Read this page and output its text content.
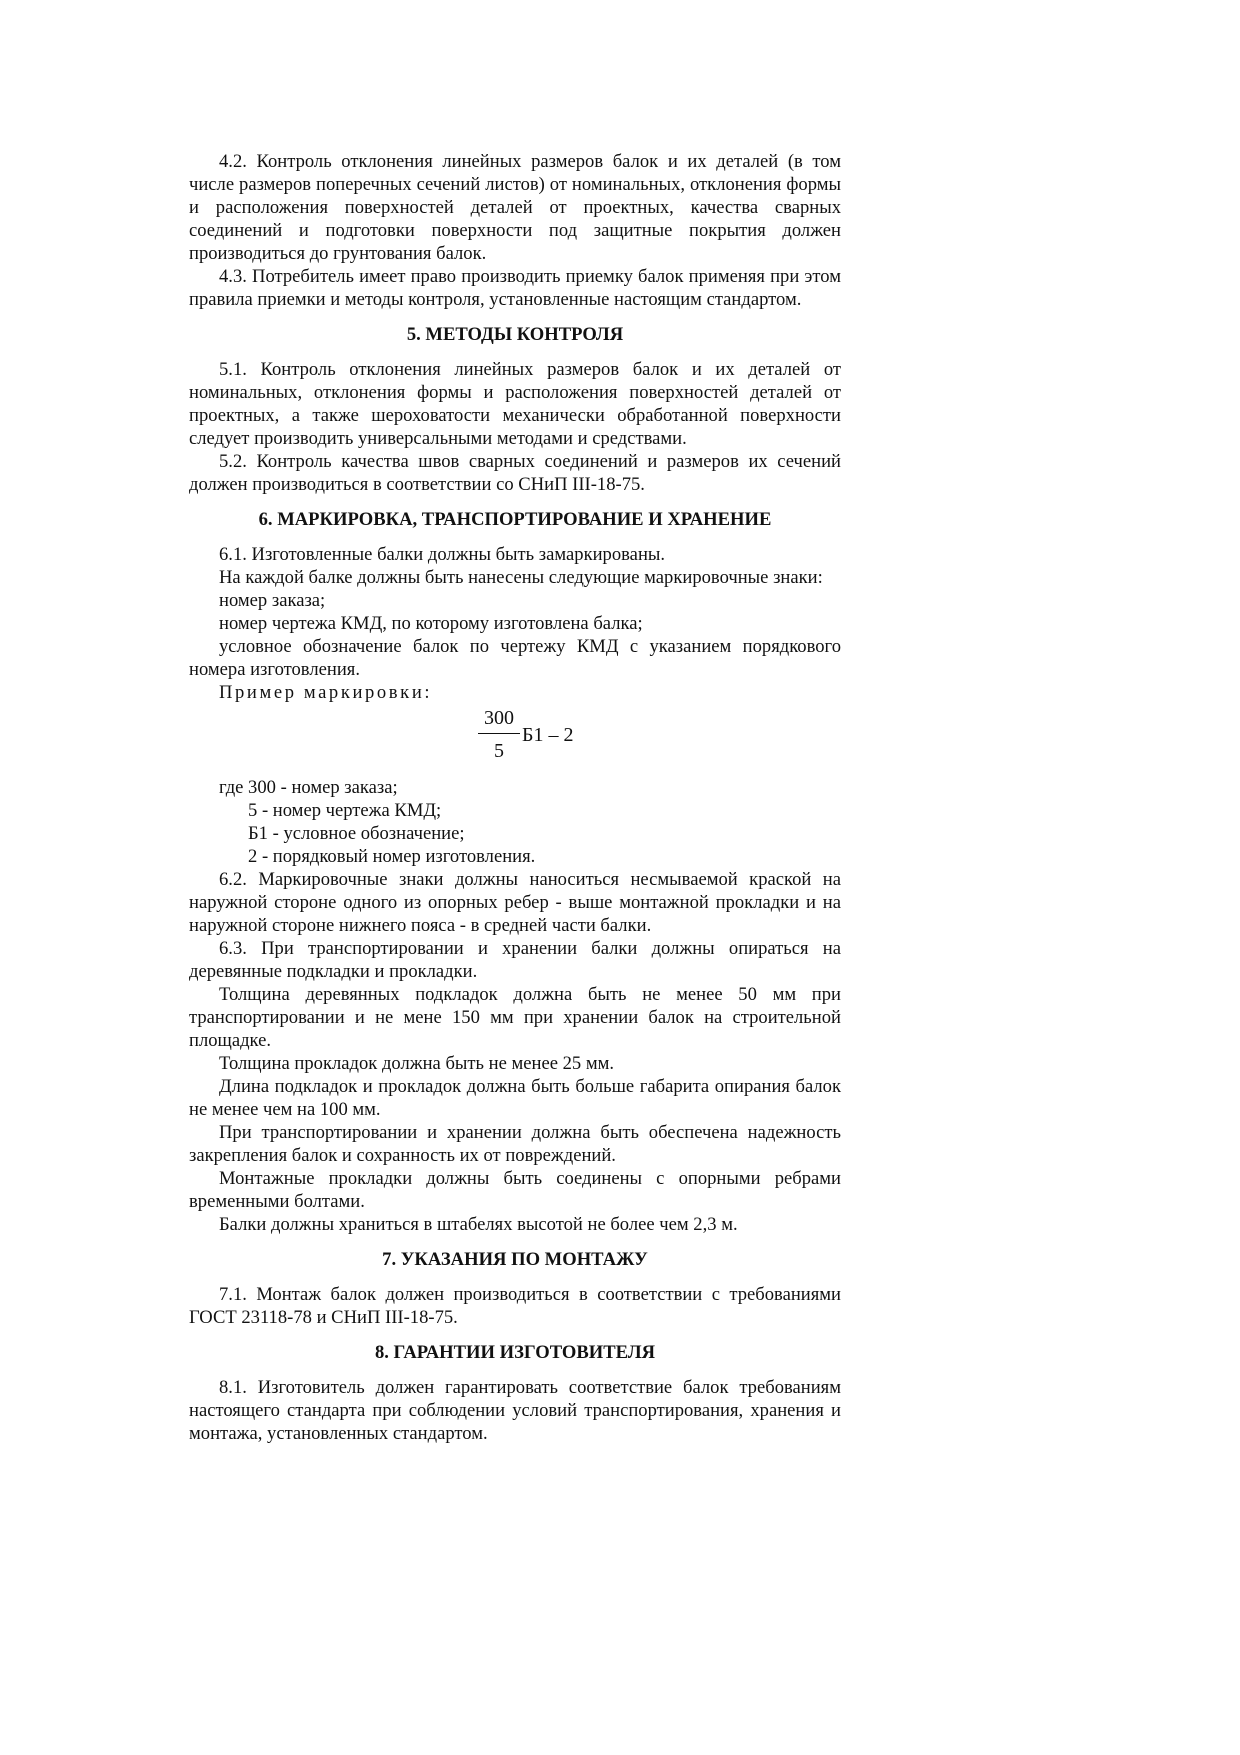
4.2. Контроль отклонения линейных размеров балок и их деталей (в том числе размеров поперечных сечений листов) от номинальных, отклонения формы и расположения поверхностей деталей от проектных, качества сварных соединений и подготовки поверхности под защитные покрытия должен производиться до грунтования балок.

4.3. Потребитель имеет право производить приемку балок применяя при этом правила приемки и методы контроля, установленные настоящим стандартом.

5. МЕТОДЫ КОНТРОЛЯ

5.1. Контроль отклонения линейных размеров балок и их деталей от номинальных, отклонения формы и расположения поверхностей деталей от проектных, а также шероховатости механически обработанной поверхности следует производить универсальными методами и средствами.

5.2. Контроль качества швов сварных соединений и размеров их сечений должен производиться в соответствии со СНиП III-18-75.

6. МАРКИРОВКА, ТРАНСПОРТИРОВАНИЕ И ХРАНЕНИЕ

6.1. Изготовленные балки должны быть замаркированы.

На каждой балке должны быть нанесены следующие маркировочные знаки:

номер заказа;

номер чертежа КМД, по которому изготовлена балка;

условное обозначение балок по чертежу КМД с указанием порядкового номера изготовления.

Пример маркировки:

$\frac{300}{5} Б1 - 2$

где 300 - номер заказа;

5 - номер чертежа КМД;

Б1 - условное обозначение;

2 - порядковый номер изготовления.

6.2. Маркировочные знаки должны наноситься несмываемой краской на наружной стороне одного из опорных ребер - выше монтажной прокладки и на наружной стороне нижнего пояса - в средней части балки.

6.3. При транспортировании и хранении балки должны опираться на деревянные подкладки и прокладки.

Толщина деревянных подкладок должна быть не менее 50 мм при транспортировании и не мене 150 мм при хранении балок на строительной площадке.

Толщина прокладок должна быть не менее 25 мм.

Длина подкладок и прокладок должна быть больше габарита опирания балок не менее чем на 100 мм.

При транспортировании и хранении должна быть обеспечена надежность закрепления балок и сохранность их от повреждений.

Монтажные прокладки должны быть соединены с опорными ребрами временными болтами.

Балки должны храниться в штабелях высотой не более чем 2,3 м.

7. УКАЗАНИЯ ПО МОНТАЖУ

7.1. Монтаж балок должен производиться в соответствии с требованиями ГОСТ 23118-78 и СНиП III-18-75.

8. ГАРАНТИИ ИЗГОТОВИТЕЛЯ

8.1. Изготовитель должен гарантировать соответствие балок требованиям настоящего стандарта при соблюдении условий транспортирования, хранения и монтажа, установленных стандартом.
